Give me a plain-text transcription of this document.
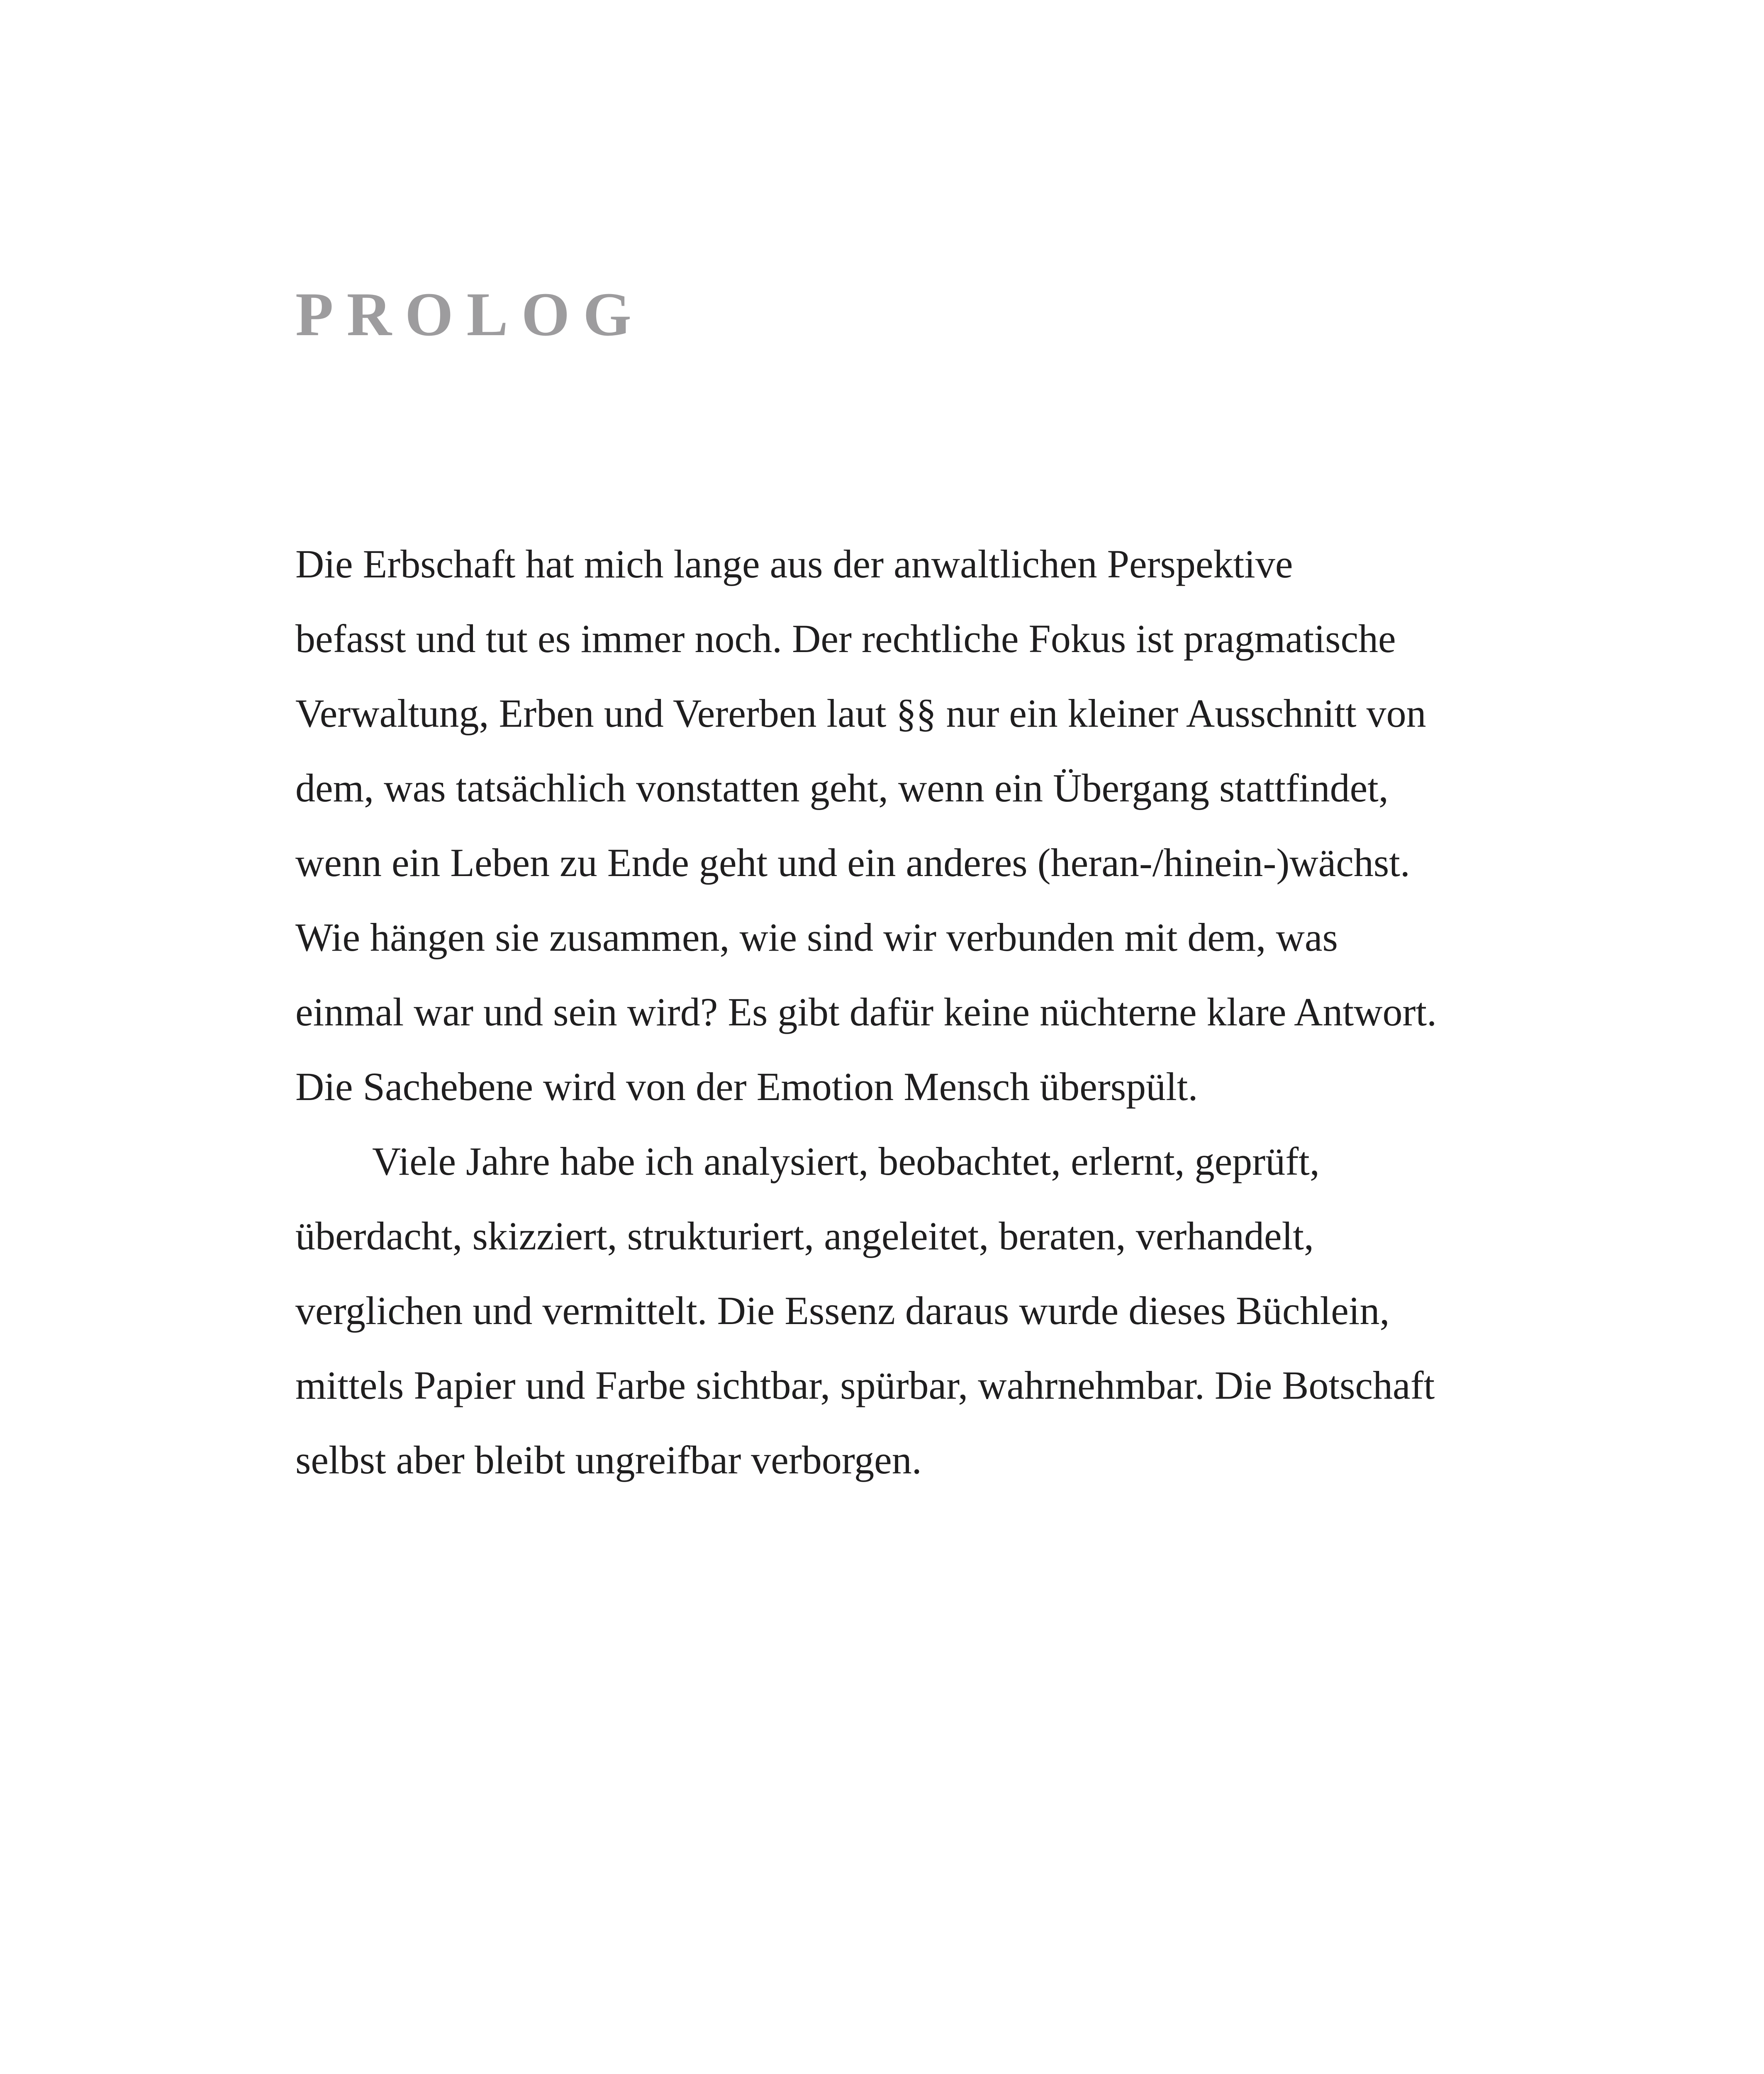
PROLOG

Die Erbschaft hat mich lange aus der anwaltlichen Perspektive
befasst und tut es immer noch. Der rechtliche Fokus ist pragmatische
Verwaltung, Erben und Vererben laut §§ nur ein kleiner Ausschnitt von
dem, was tatsächlich vonstatten geht, wenn ein Übergang stattfindet,
wenn ein Leben zu Ende geht und ein anderes (heran-/hinein-)wächst.
Wie hängen sie zusammen, wie sind wir verbunden mit dem, was
einmal war und sein wird? Es gibt dafür keine nüchterne klare Antwort.
Die Sachebene wird von der Emotion Mensch überspült.

Viele Jahre habe ich analysiert, beobachtet, erlernt, geprüft,
überdacht, skizziert, strukturiert, angeleitet, beraten, verhandelt,
verglichen und vermittelt. Die Essenz daraus wurde dieses Büchlein,
mittels Papier und Farbe sichtbar, spürbar, wahrnehmbar. Die Botschaft
selbst aber bleibt ungreifbar verborgen.
